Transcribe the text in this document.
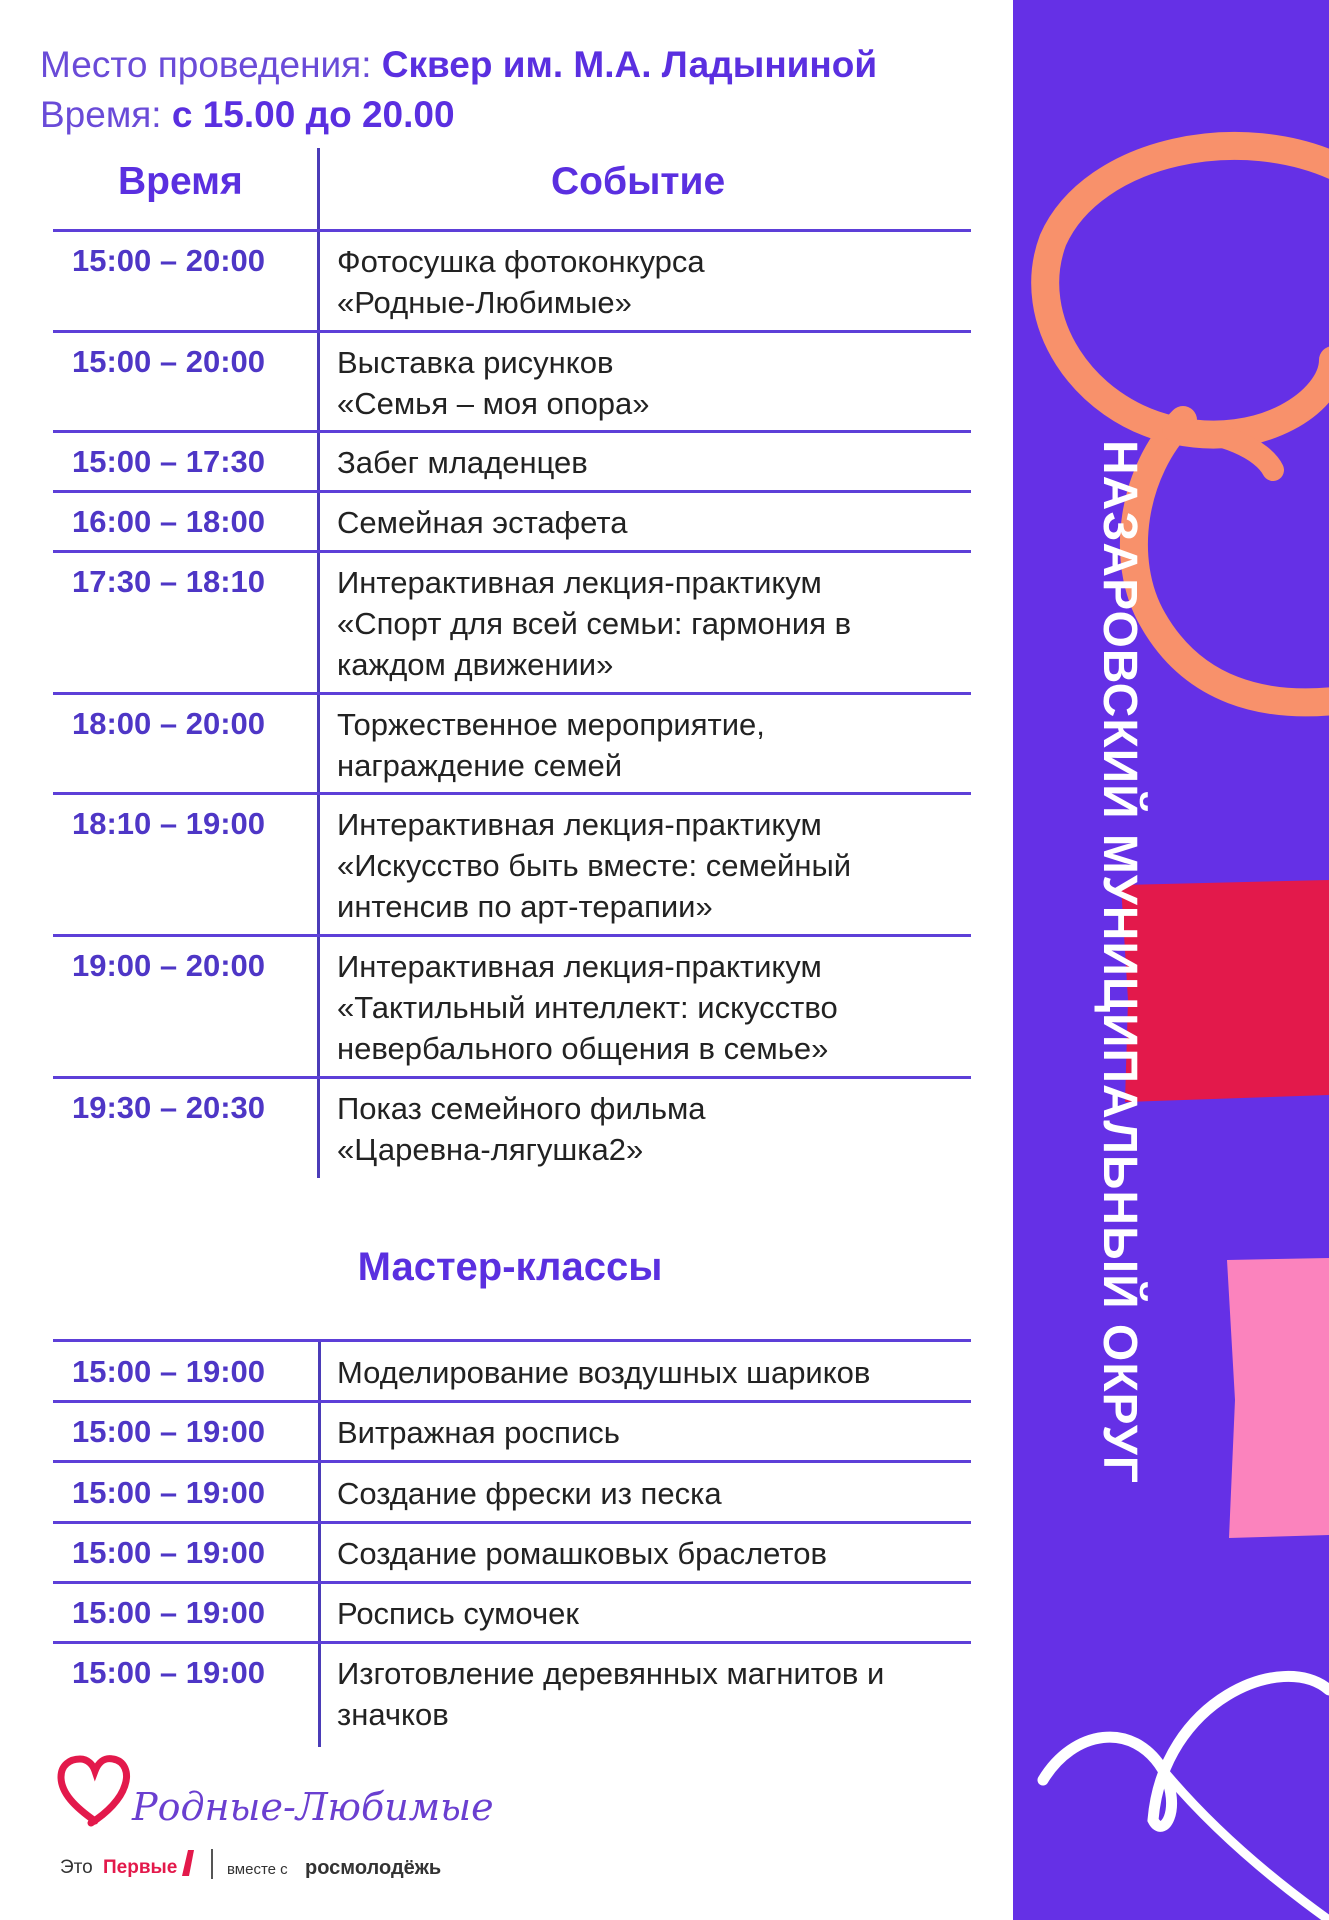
Место проведения: Сквер им. М.А. Ладыниной
Время: с 15.00 до 20.00
Время	Событие
15:00 – 20:00 Фотосушка фотоконкурса
«Родные-Любимые»
15:00 – 20:00 Выставка рисунков
«Семья – моя опора»
15:00 – 17:30 Забег младенцев
16:00 – 18:00 Семейная эстафета
17:30 – 18:10 Интерактивная лекция-практикум
«Спорт для всей семьи: гармония в
каждом движении»
18:00 – 20:00 Торжественное мероприятие,
награждение семей
18:10 – 19:00 Интерактивная лекция-практикум
«Искусство быть вместе: семейный
интенсив по арт-терапии»
19:00 – 20:00 Интерактивная лекция-практикум
«Тактильный интеллект: искусство
невербального общения в семье»
19:30 – 20:30 Показ семейного фильма
«Царевна-лягушка2»
Мастер-классы
15:00 – 19:00 Моделирование воздушных шариков
15:00 – 19:00 Витражная роспись
15:00 – 19:00 Создание фрески из песка
15:00 – 19:00 Создание ромашковых браслетов
15:00 – 19:00 Роспись сумочек
15:00 – 19:00 Изготовление деревянных магнитов и
значков
НАЗАРОВСКИЙ МУНИЦИПАЛЬНЫЙ ОКРУГ
Родные-Любимые
Это Первые	вместе с росмолодёжь
